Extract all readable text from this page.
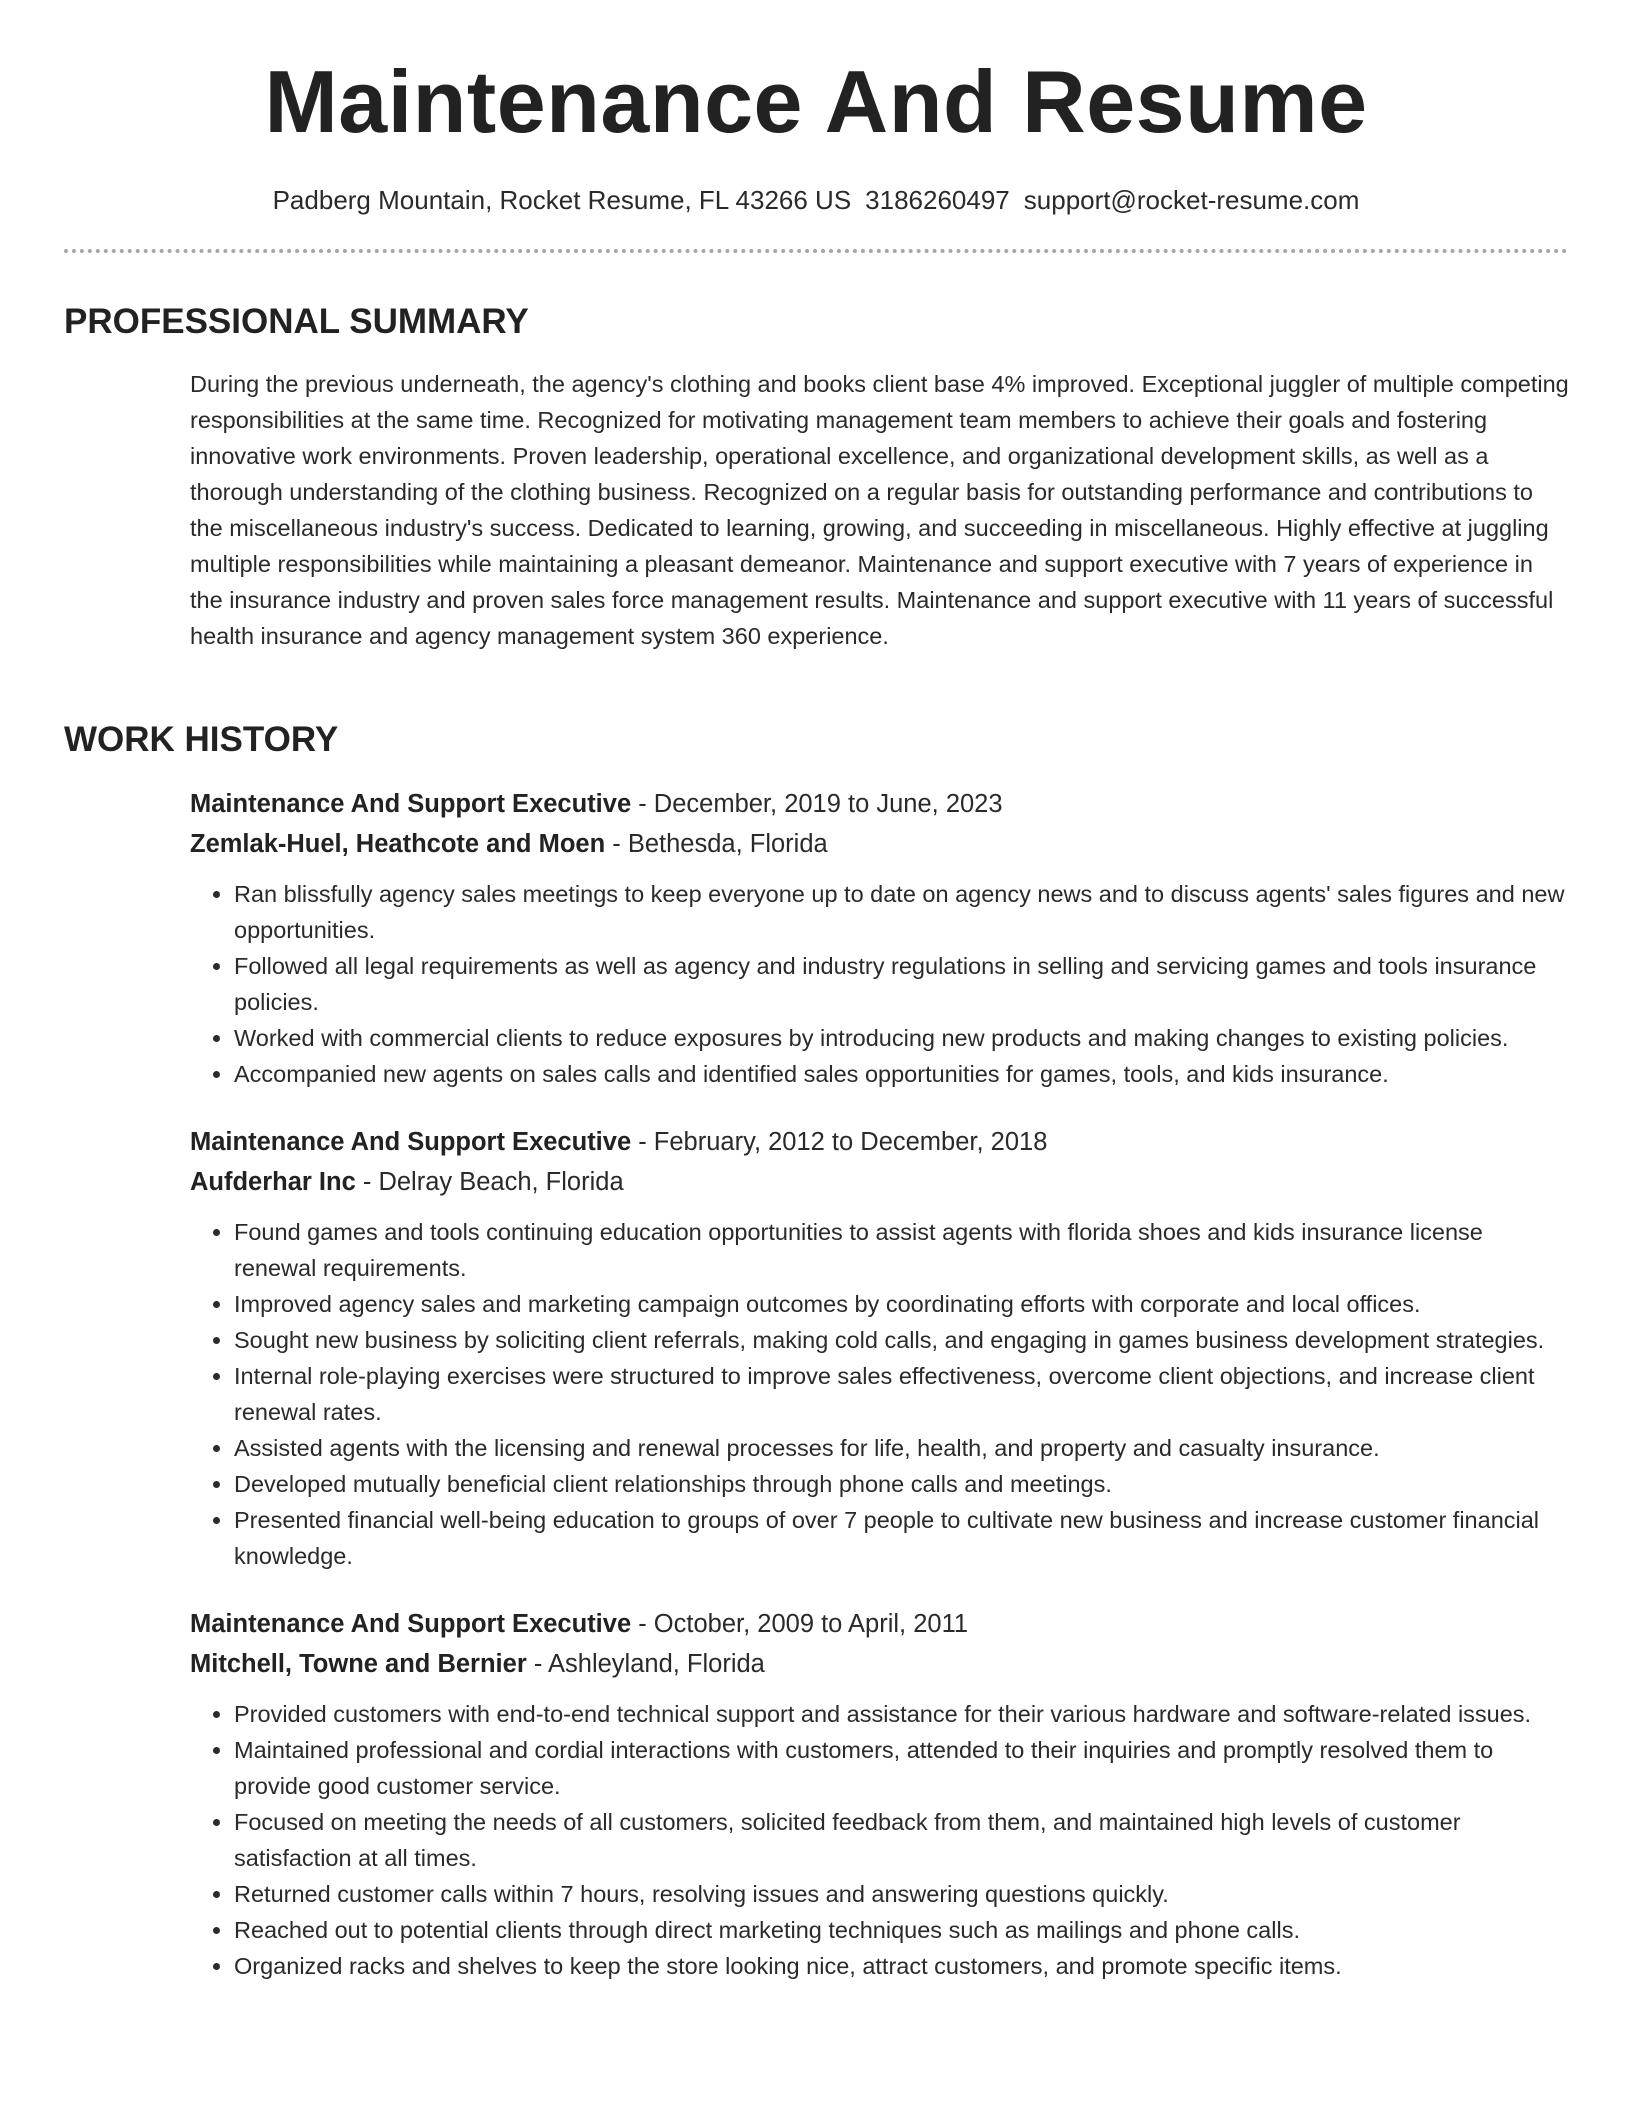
Maintenance And Resume
Padberg Mountain, Rocket Resume, FL 43266 US 3186260497 support@rocket-resume.com
PROFESSIONAL SUMMARY

During the previous underneath, the agency's clothing and books client base 4% improved. Exceptional juggler of multiple competing responsibilities at the same time. Recognized for motivating management team members to achieve their goals and fostering innovative work environments. Proven leadership, operational excellence, and organizational development skills, as well as a thorough understanding of the clothing business. Recognized on a regular basis for outstanding performance and contributions to the miscellaneous industry's success. Dedicated to learning, growing, and succeeding in miscellaneous. Highly effective at juggling multiple responsibilities while maintaining a pleasant demeanor. Maintenance and support executive with 7 years of experience in the insurance industry and proven sales force management results. Maintenance and support executive with 11 years of successful health insurance and agency management system 360 experience.

WORK HISTORY
Maintenance And Support Executive - December, 2019 to June, 2023
Zemlak-Huel, Heathcote and Moen - Bethesda, Florida
• Ran blissfully agency sales meetings to keep everyone up to date on agency news and to discuss agents' sales figures and new opportunities.
• Followed all legal requirements as well as agency and industry regulations in selling and servicing games and tools insurance policies.
• Worked with commercial clients to reduce exposures by introducing new products and making changes to existing policies.
• Accompanied new agents on sales calls and identified sales opportunities for games, tools, and kids insurance.
Maintenance And Support Executive - February, 2012 to December, 2018
Aufderhar Inc - Delray Beach, Florida
• Found games and tools continuing education opportunities to assist agents with florida shoes and kids insurance license renewal requirements.
• Improved agency sales and marketing campaign outcomes by coordinating efforts with corporate and local offices.
• Sought new business by soliciting client referrals, making cold calls, and engaging in games business development strategies.
• Internal role-playing exercises were structured to improve sales effectiveness, overcome client objections, and increase client renewal rates.
• Assisted agents with the licensing and renewal processes for life, health, and property and casualty insurance.
• Developed mutually beneficial client relationships through phone calls and meetings.
• Presented financial well-being education to groups of over 7 people to cultivate new business and increase customer financial knowledge.
Maintenance And Support Executive - October, 2009 to April, 2011
Mitchell, Towne and Bernier - Ashleyland, Florida
• Provided customers with end-to-end technical support and assistance for their various hardware and software-related issues.
• Maintained professional and cordial interactions with customers, attended to their inquiries and promptly resolved them to provide good customer service.
• Focused on meeting the needs of all customers, solicited feedback from them, and maintained high levels of customer satisfaction at all times.
• Returned customer calls within 7 hours, resolving issues and answering questions quickly.
• Reached out to potential clients through direct marketing techniques such as mailings and phone calls.
• Organized racks and shelves to keep the store looking nice, attract customers, and promote specific items.
